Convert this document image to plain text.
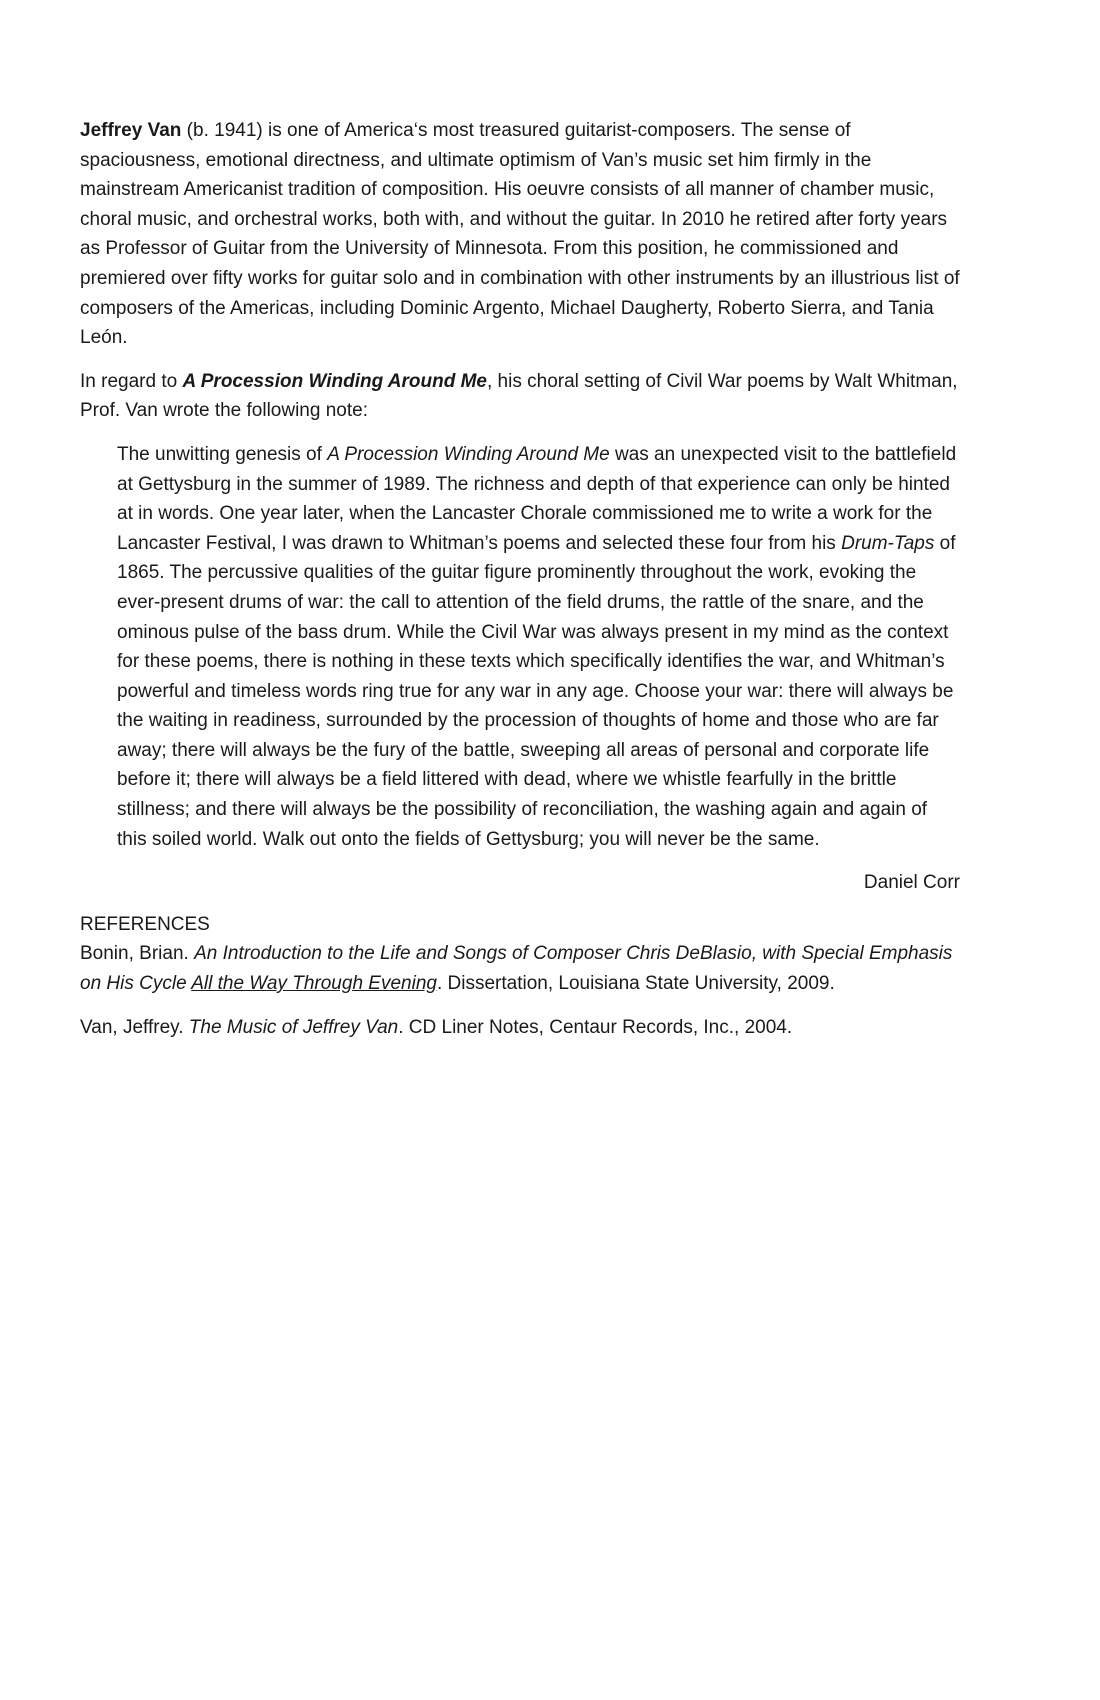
Jeffrey Van (b. 1941) is one of America‘s most treasured guitarist-composers. The sense of spaciousness, emotional directness, and ultimate optimism of Van’s music set him firmly in the mainstream Americanist tradition of composition. His oeuvre consists of all manner of chamber music, choral music, and orchestral works, both with, and without the guitar. In 2010 he retired after forty years as Professor of Guitar from the University of Minnesota. From this position, he commissioned and premiered over fifty works for guitar solo and in combination with other instruments by an illustrious list of composers of the Americas, including Dominic Argento, Michael Daugherty, Roberto Sierra, and Tania León.

In regard to A Procession Winding Around Me, his choral setting of Civil War poems by Walt Whitman, Prof. Van wrote the following note:

The unwitting genesis of A Procession Winding Around Me was an unexpected visit to the battlefield at Gettysburg in the summer of 1989. The richness and depth of that experience can only be hinted at in words. One year later, when the Lancaster Chorale commissioned me to write a work for the Lancaster Festival, I was drawn to Whitman’s poems and selected these four from his Drum-Taps of 1865. The percussive qualities of the guitar figure prominently throughout the work, evoking the ever-present drums of war: the call to attention of the field drums, the rattle of the snare, and the ominous pulse of the bass drum. While the Civil War was always present in my mind as the context for these poems, there is nothing in these texts which specifically identifies the war, and Whitman’s powerful and timeless words ring true for any war in any age. Choose your war: there will always be the waiting in readiness, surrounded by the procession of thoughts of home and those who are far away; there will always be the fury of the battle, sweeping all areas of personal and corporate life before it; there will always be a field littered with dead, where we whistle fearfully in the brittle stillness; and there will always be the possibility of reconciliation, the washing again and again of this soiled world. Walk out onto the fields of Gettysburg; you will never be the same.

Daniel Corr

REFERENCES

Bonin, Brian. An Introduction to the Life and Songs of Composer Chris DeBlasio, with Special Emphasis on His Cycle All the Way Through Evening. Dissertation, Louisiana State University, 2009.

Van, Jeffrey. The Music of Jeffrey Van. CD Liner Notes, Centaur Records, Inc., 2004.
